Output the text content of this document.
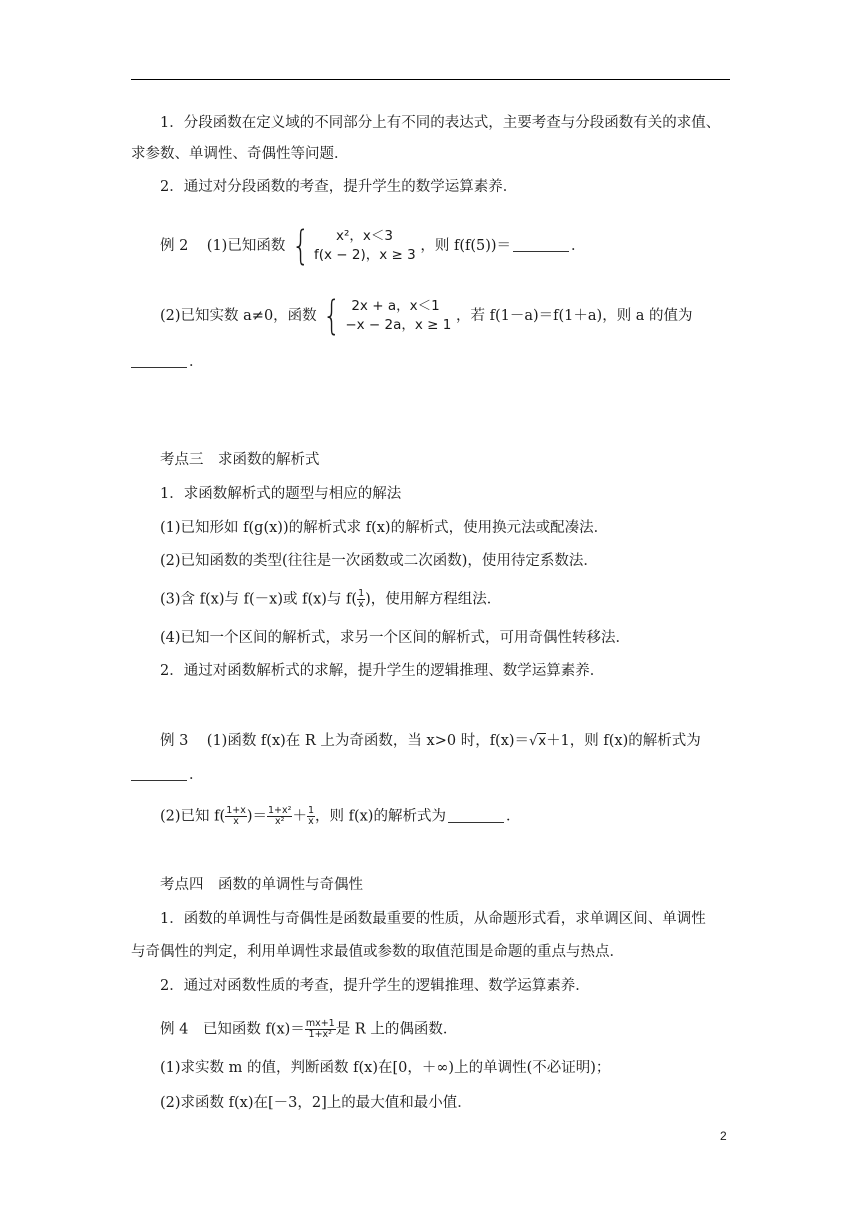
1．分段函数在定义域的不同部分上有不同的表达式，主要考查与分段函数有关的求值、
求参数、单调性、奇偶性等问题．
2．通过对分段函数的考查，提升学生的数学运算素养．
例 2 (1)已知函数 {	x²，x＜3
f(x − 2)，x ≥ 3
，则 f(f(5))＝	．
(2)已知实数 a≠0，函数 { 2x + a，x＜1
−x − 2a，x ≥ 1
，若 f(1－a)＝f(1＋a)，则 a 的值为
．
考点三　求函数的解析式
1．求函数解析式的题型与相应的解法
(1)已知形如 f(g(x))的解析式求 f(x)的解析式，使用换元法或配凑法．
(2)已知函数的类型(往往是一次函数或二次函数)，使用待定系数法．
(3)含 f(x)与 f(－x)或 f(x)与 $f( \frac{1}{x}$ )，使用解方程组法．
(4)已知一个区间的解析式，求另一个区间的解析式，可用奇偶性转移法．
2．通过对函数解析式的求解，提升学生的逻辑推理、数学运算素养．
例 3 (1)函数 f(x)在 R 上为奇函数，当 x>0 时，f(x)＝√x＋1，则 f(x)的解析式为
．
(2)已知 $f( \frac{1+x}{x}$ )＝ $\frac{\text{1+x²}}{\text{x²}} + \frac{1}{x}$ ，则 f(x)的解析式为	．
考点四　函数的单调性与奇偶性
1．函数的单调性与奇偶性是函数最重要的性质，从命题形式看，求单调区间、单调性
与奇偶性的判定，利用单调性求最值或参数的取值范围是命题的重点与热点．
2．通过对函数性质的考查，提升学生的逻辑推理、数学运算素养．
例 4　已知函数 $f(x)= \frac{mx+1}{\text{1+x²}}$ 是 R 上的偶函数．
(1)求实数 m 的值，判断函数 f(x)在[0，＋∞)上的单调性(不必证明)；
(2)求函数 f(x)在[－3，2]上的最大值和最小值．
2
